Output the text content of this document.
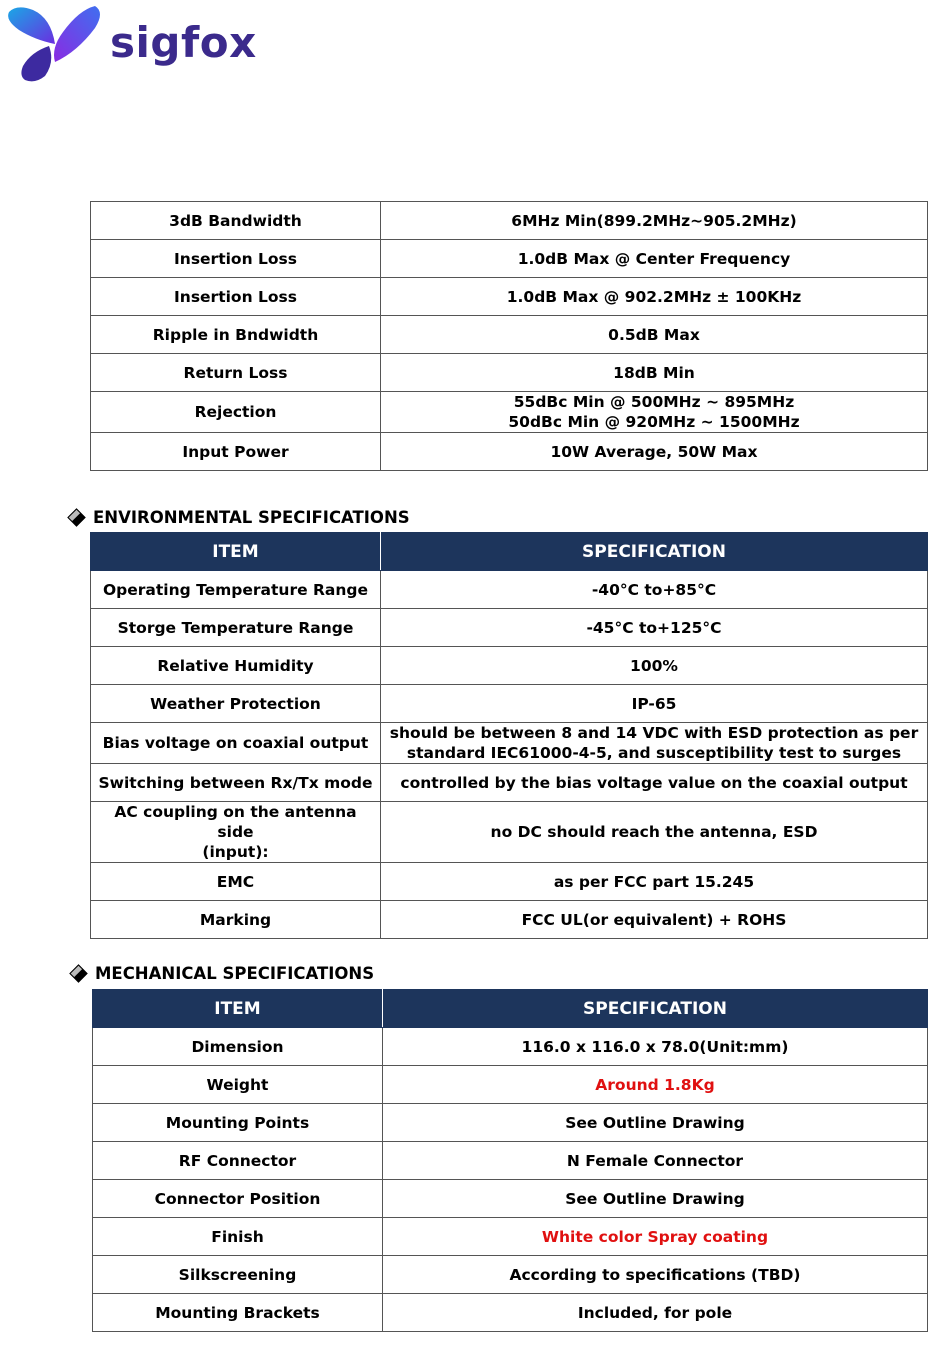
sigfox
3dB Bandwidth	6MHz Min(899.2MHz~905.2MHz)

Insertion Loss	1.0dB Max @ Center Frequency

Insertion Loss	1.0dB Max @ 902.2MHz ± 100KHz

Ripple in Bndwidth	0.5dB Max

Return Loss	18dB Min

Rejection	55dBc Min @ 500MHz ~ 895MHz
50dBc Min @ 920MHz ~ 1500MHz

Input Power	10W Average, 50W Max
ENVIRONMENTAL SPECIFICATIONS
ITEM	SPECIFICATION

Operating Temperature Range	-40°C to+85°C

Storge Temperature Range	-45°C to+125°C

Relative Humidity	100%

Weather Protection	IP-65

Bias voltage on coaxial output	should be between 8 and 14 VDC with ESD protection as per
standard IEC61000-4-5, and susceptibility test to surges

Switching between Rx/Tx mode	controlled by the bias voltage value on the coaxial output

AC coupling on the antenna side
(input):	no DC should reach the antenna, ESD

EMC	as per FCC part 15.245

Marking	FCC UL(or equivalent) + ROHS
MECHANICAL SPECIFICATIONS
ITEM	SPECIFICATION
Dimension	116.0 x 116.0 x 78.0(Unit:mm)
Weight	Around 1.8Kg
Mounting Points	See Outline Drawing
RF Connector	N Female Connector
Connector Position	See Outline Drawing
Finish	White color Spray coating
Silkscreening	According to specifications (TBD)
Mounting Brackets	Included, for pole
